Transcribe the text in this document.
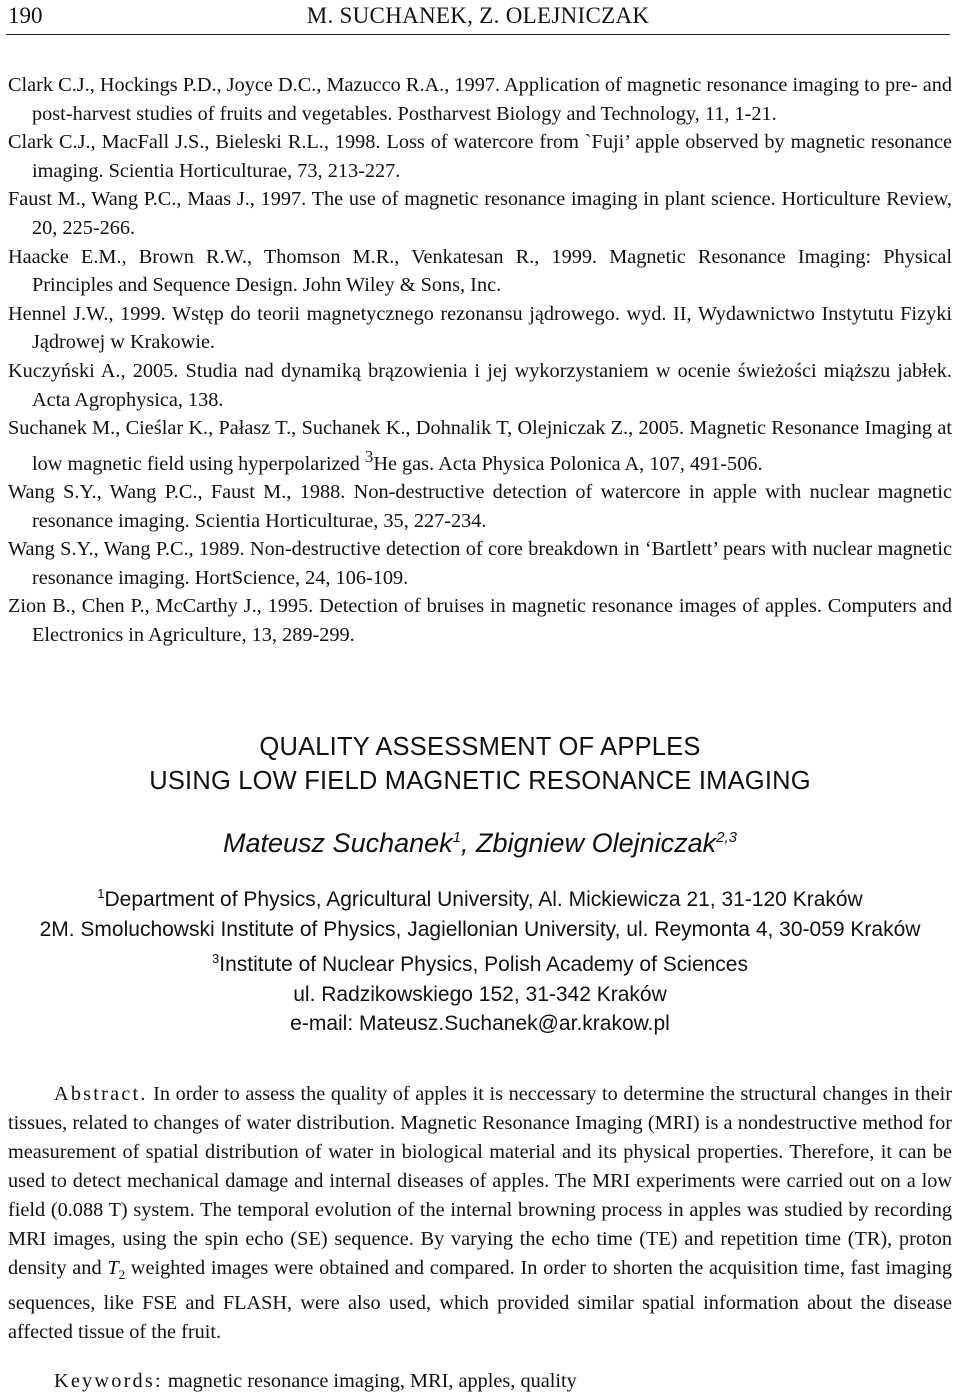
190	M. SUCHANEK, Z. OLEJNICZAK
Clark C.J., Hockings P.D., Joyce D.C., Mazucco R.A., 1997. Application of magnetic resonance imaging to pre- and post-harvest studies of fruits and vegetables. Postharvest Biology and Technology, 11, 1-21.
Clark C.J., MacFall J.S., Bieleski R.L., 1998. Loss of watercore from `Fuji’ apple observed by magnetic resonance imaging. Scientia Horticulturae, 73, 213-227.
Faust M., Wang P.C., Maas J., 1997. The use of magnetic resonance imaging in plant science. Horticulture Review, 20, 225-266.
Haacke E.M., Brown R.W., Thomson M.R., Venkatesan R., 1999. Magnetic Resonance Imaging: Physical Principles and Sequence Design. John Wiley & Sons, Inc.
Hennel J.W., 1999. Wstęp do teorii magnetycznego rezonansu jądrowego. wyd. II, Wydawnictwo Instytutu Fizyki Jądrowej w Krakowie.
Kuczyński A., 2005. Studia nad dynamiką brązowienia i jej wykorzystaniem w ocenie świeżości miąższu jabłek. Acta Agrophysica, 138.
Suchanek M., Cieślar K., Pałasz T., Suchanek K., Dohnalik T, Olejniczak Z., 2005. Magnetic Resonance Imaging at low magnetic field using hyperpolarized $^3$He gas. Acta Physica Polonica A, 107, 491-506.
Wang S.Y., Wang P.C., Faust M., 1988. Non-destructive detection of watercore in apple with nuclear magnetic resonance imaging. Scientia Horticulturae, 35, 227-234.
Wang S.Y., Wang P.C., 1989. Non-destructive detection of core breakdown in ‘Bartlett’ pears with nuclear magnetic resonance imaging. HortScience, 24, 106-109.
Zion B., Chen P., McCarthy J., 1995. Detection of bruises in magnetic resonance images of apples. Computers and Electronics in Agriculture, 13, 289-299.
QUALITY ASSESSMENT OF APPLES
USING LOW FIELD MAGNETIC RESONANCE IMAGING
Mateusz Suchanek$^1$, Zbigniew Olejniczak$^{2,3}$
$^1$Department of Physics, Agricultural University, Al. Mickiewicza 21, 31-120 Kraków
2M. Smoluchowski Institute of Physics, Jagiellonian University, ul. Reymonta 4, 30-059 Kraków
$^3$Institute of Nuclear Physics, Polish Academy of Sciences
ul. Radzikowskiego 152, 31-342 Kraków
e-mail: Mateusz.Suchanek@ar.krakow.pl
Abstract. In order to assess the quality of apples it is neccessary to determine the structural changes in their tissues, related to changes of water distribution. Magnetic Resonance Imaging (MRI) is a nondestructive method for measurement of spatial distribution of water in biological material and its physical properties. Therefore, it can be used to detect mechanical damage and internal diseases of apples. The MRI experiments were carried out on a low field (0.088 T) system. The temporal evolution of the internal browning process in apples was studied by recording MRI images, using the spin echo (SE) sequence. By varying the echo time (TE) and repetition time (TR), proton density and $T_2$ weighted images were obtained and compared. In order to shorten the acquisition time, fast imaging sequences, like FSE and FLASH, were also used, which provided similar spatial information about the disease affected tissue of the fruit.
Keywords: magnetic resonance imaging, MRI, apples, quality
